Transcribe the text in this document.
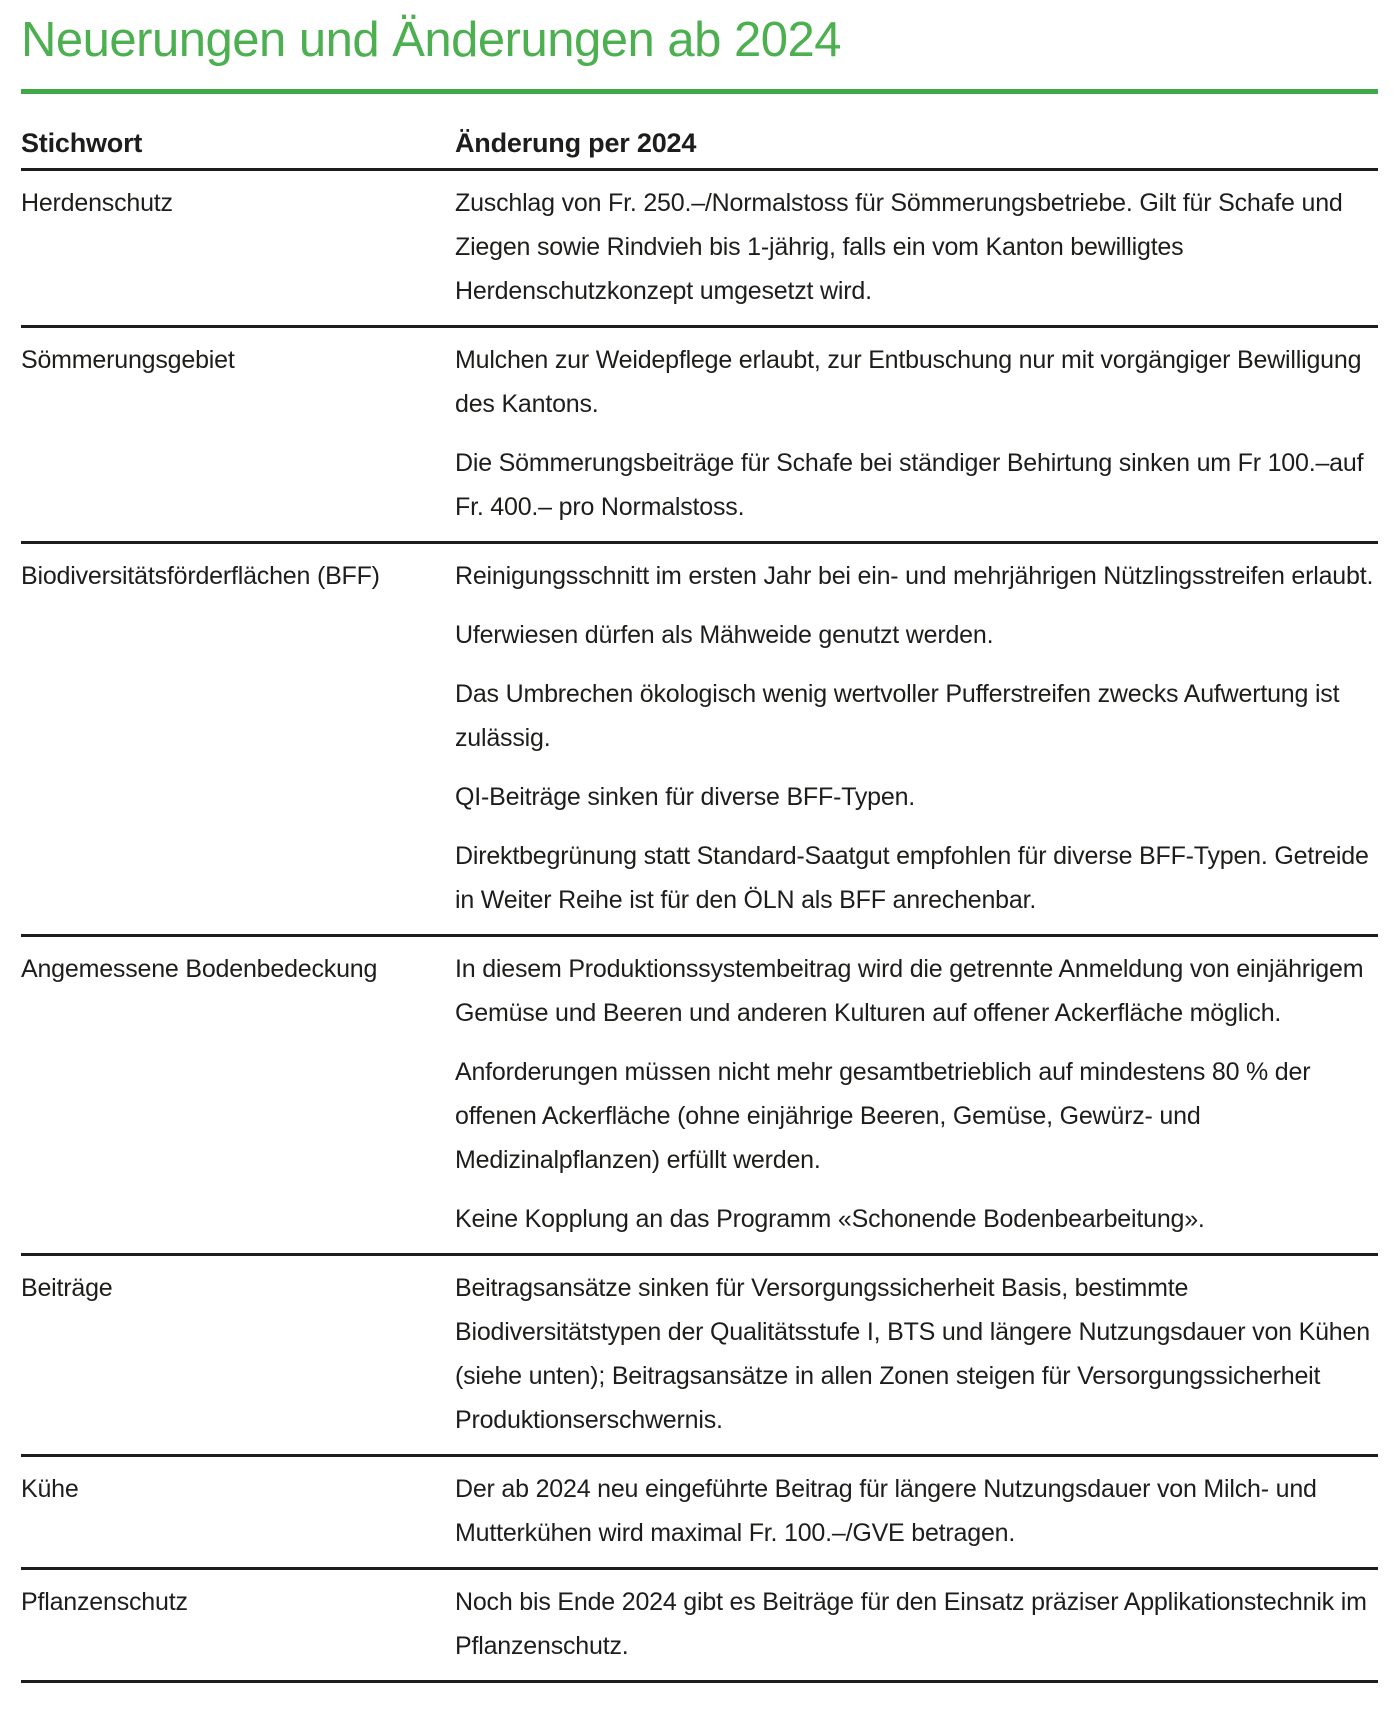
Neuerungen und Änderungen ab 2024
Stichwort	Änderung per 2024
Herdenschutz	Zuschlag von Fr. 250.–/Normalstoss für Sömmerungsbetriebe. Gilt für Schafe und Ziegen sowie Rindvieh bis 1-jährig, falls ein vom Kanton bewilligtes Herdenschutzkonzept umgesetzt wird.

Sömmerungsgebiet	Mulchen zur Weidepflege erlaubt, zur Entbuschung nur mit vorgängiger Bewilligung des Kantons.

Die Sömmerungsbeiträge für Schafe bei ständiger Behirtung sinken um Fr 100.–auf Fr. 400.– pro Normalstoss.

Biodiversitätsförderflächen (BFF)	Reinigungsschnitt im ersten Jahr bei ein- und mehrjährigen Nützlingsstreifen erlaubt.

Uferwiesen dürfen als Mähweide genutzt werden.

Das Umbrechen ökologisch wenig wertvoller Pufferstreifen zwecks Aufwertung ist zulässig.

QI-Beiträge sinken für diverse BFF-Typen.

Direktbegrünung statt Standard-Saatgut empfohlen für diverse BFF-Typen. Getreide in Weiter Reihe ist für den ÖLN als BFF anrechenbar.

Angemessene Bodenbedeckung	In diesem Produktionssystembeitrag wird die getrennte Anmeldung von einjährigem Gemüse und Beeren und anderen Kulturen auf offener Ackerfläche möglich.

Anforderungen müssen nicht mehr gesamtbetrieblich auf mindestens 80 % der offenen Ackerfläche (ohne einjährige Beeren, Gemüse, Gewürz- und Medizinalpflanzen) erfüllt werden.

Keine Kopplung an das Programm «Schonende Bodenbearbeitung».

Beiträge	Beitragsansätze sinken für Versorgungssicherheit Basis, bestimmte Biodiversitätstypen der Qualitätsstufe I, BTS und längere Nutzungsdauer von Kühen (siehe unten); Beitragsansätze in allen Zonen steigen für Versorgungssicherheit Produktionserschwernis.

Kühe	Der ab 2024 neu eingeführte Beitrag für längere Nutzungsdauer von Milch- und Mutterkühen wird maximal Fr. 100.–/GVE betragen.

Pflanzenschutz	Noch bis Ende 2024 gibt es Beiträge für den Einsatz präziser Applikationstechnik im Pflanzenschutz.
